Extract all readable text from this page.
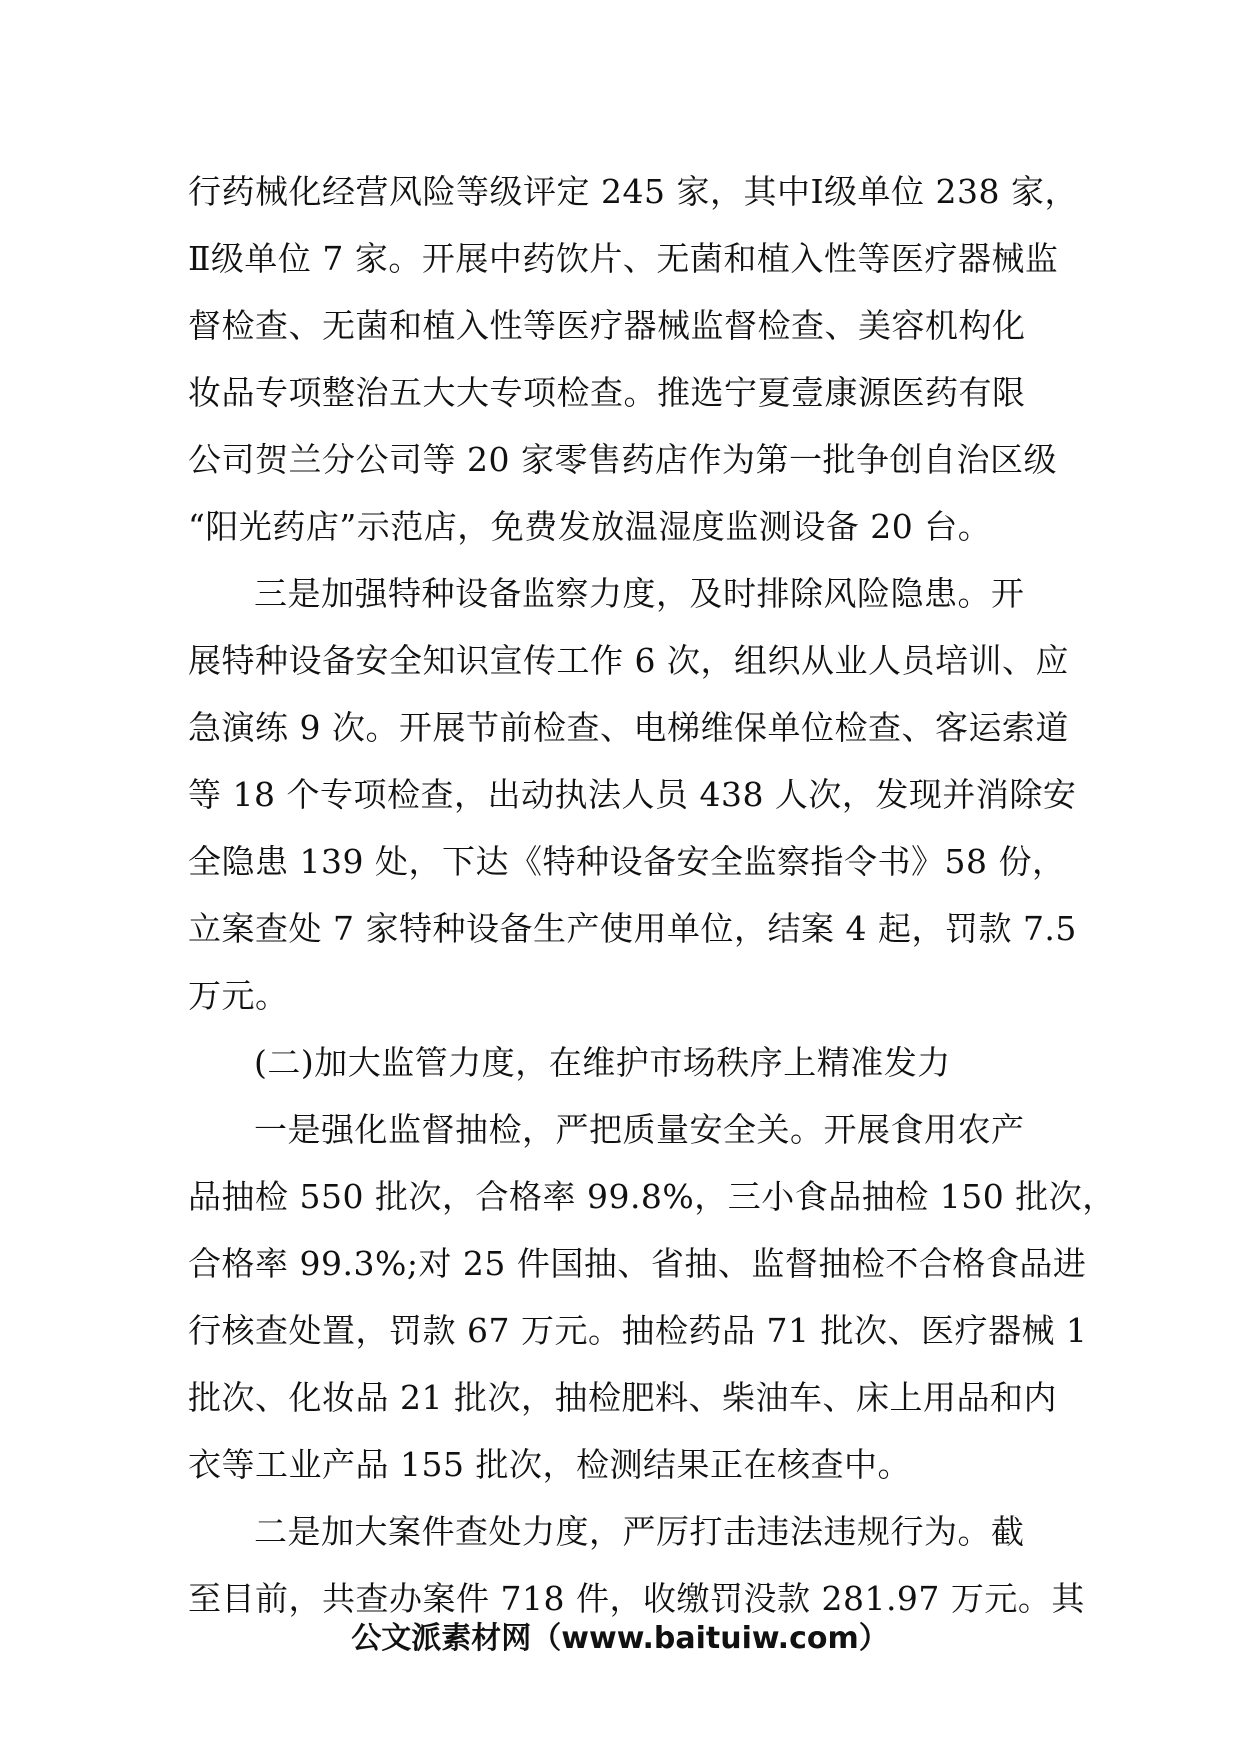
行药械化经营风险等级评定 245 家，其中Ⅰ级单位 238 家，
Ⅱ级单位 7 家。开展中药饮片、无菌和植入性等医疗器械监
督检查、无菌和植入性等医疗器械监督检查、美容机构化
妆品专项整治五大大专项检查。推选宁夏壹康源医药有限
公司贺兰分公司等 20 家零售药店作为第一批争创自治区级
“阳光药店”示范店，免费发放温湿度监测设备 20 台。
三是加强特种设备监察力度，及时排除风险隐患。开
展特种设备安全知识宣传工作 6 次，组织从业人员培训、应
急演练 9 次。开展节前检查、电梯维保单位检查、客运索道
等 18 个专项检查，出动执法人员 438 人次，发现并消除安
全隐患 139 处，下达《特种设备安全监察指令书》58 份，
立案查处 7 家特种设备生产使用单位，结案 4 起，罚款 7.5
万元。
(二)加大监管力度，在维护市场秩序上精准发力
一是强化监督抽检，严把质量安全关。开展食用农产
品抽检 550 批次，合格率 99.8%，三小食品抽检 150 批次，
合格率 99.3%;对 25 件国抽、省抽、监督抽检不合格食品进
行核查处置，罚款 67 万元。抽检药品 71 批次、医疗器械 1
批次、化妆品 21 批次，抽检肥料、柴油车、床上用品和内
衣等工业产品 155 批次，检测结果正在核查中。
二是加大案件查处力度，严厉打击违法违规行为。截
至目前，共查办案件 718 件，收缴罚没款 281.97 万元。其
公文派素材网（www.baituiw.com）
